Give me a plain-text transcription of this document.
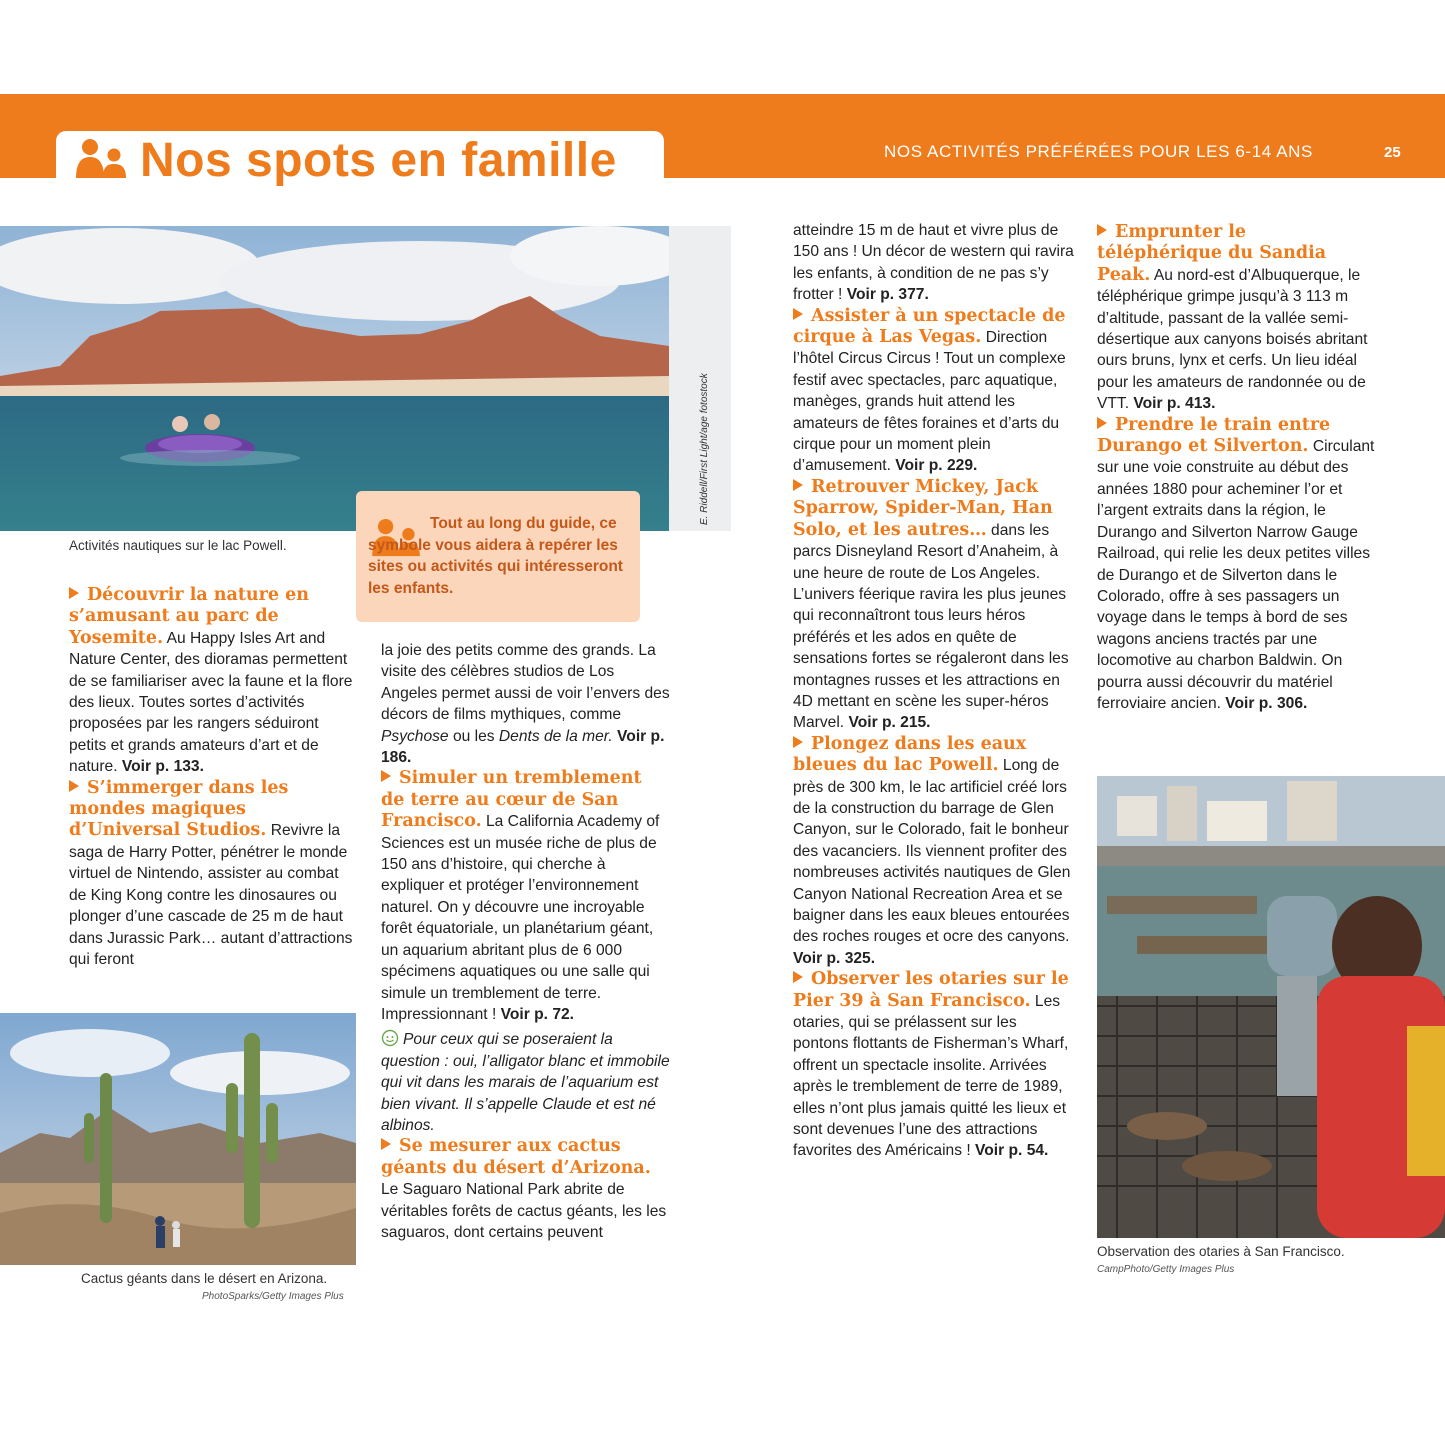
Nos spots en famille	NOS ACTIVITÉS PRÉFÉRÉES POUR LES 6-14 ANS	25
E. Riddell/First Light/age fotostock
Activités nautiques sur le lac Powell.
Tout au long du guide, ce symbole vous aidera à repérer les sites ou activités qui intéresseront les enfants.

Découvrir la nature en s’amusant au parc de Yosemite. Au Happy Isles Art and Nature Center, des dioramas permettent de se familiariser avec la faune et la flore des lieux. Toutes sortes d’activités proposées par les rangers séduiront petits et grands amateurs d’art et de nature. Voir p. 133.

S’immerger dans les mondes magiques d’Universal Studios. Revivre la saga de Harry Potter, pénétrer le monde virtuel de Nintendo, assister au combat de King Kong contre les dinosaures ou plonger d’une cascade de 25 m de haut dans Jurassic Park… autant d’attractions qui feront

Cactus géants dans le désert en Arizona.
PhotoSparks/Getty Images Plus

la joie des petits comme des grands. La visite des célèbres studios de Los Angeles permet aussi de voir l’envers des décors de films mythiques, comme Psychose ou les Dents de la mer. Voir p. 186.

Simuler un tremblement de terre au cœur de San Francisco. La California Academy of Sciences est un musée riche de plus de 150 ans d’histoire, qui cherche à expliquer et protéger l’environnement naturel. On y découvre une incroyable forêt équatoriale, un planétarium géant, un aquarium abritant plus de 6 000 spécimens aquatiques ou une salle qui simule un tremblement de terre. Impressionnant ! Voir p. 72.

Pour ceux qui se poseraient la question : oui, l’alligator blanc et immobile qui vit dans les marais de l’aquarium est bien vivant. Il s’appelle Claude et est né albinos.

Se mesurer aux cactus géants du désert d’Arizona. Le Saguaro National Park abrite de véritables forêts de cactus géants, les les saguaros, dont certains peuvent

atteindre 15 m de haut et vivre plus de 150 ans ! Un décor de western qui ravira les enfants, à condition de ne pas s’y frotter ! Voir p. 377.

Assister à un spectacle de cirque à Las Vegas. Direction l’hôtel Circus Circus ! Tout un complexe festif avec spectacles, parc aquatique, manèges, grands huit attend les amateurs de fêtes foraines et d’arts du cirque pour un moment plein d’amusement. Voir p. 229.

Retrouver Mickey, Jack Sparrow, Spider-Man, Han Solo, et les autres… dans les parcs Disneyland Resort d’Anaheim, à une heure de route de Los Angeles. L’univers féerique ravira les plus jeunes qui reconnaîtront tous leurs héros préférés et les ados en quête de sensations fortes se régaleront dans les montagnes russes et les attractions en 4D mettant en scène les super-héros Marvel. Voir p. 215.

Plongez dans les eaux bleues du lac Powell. Long de près de 300 km, le lac artificiel créé lors de la construction du barrage de Glen Canyon, sur le Colorado, fait le bonheur des vacanciers. Ils viennent profiter des nombreuses activités nautiques de Glen Canyon National Recreation Area et se baigner dans les eaux bleues entourées des roches rouges et ocre des canyons. Voir p. 325.

Observer les otaries sur le Pier 39 à San Francisco. Les otaries, qui se prélassent sur les pontons flottants de Fisherman’s Wharf, offrent un spectacle insolite. Arrivées après le tremblement de terre de 1989, elles n’ont plus jamais quitté les lieux et sont devenues l’une des attractions favorites des Américains ! Voir p. 54.

Emprunter le téléphérique du Sandia Peak. Au nord-est d’Albuquerque, le téléphérique grimpe jusqu’à 3 113 m d’altitude, passant de la vallée semi-désertique aux canyons boisés abritant ours bruns, lynx et cerfs. Un lieu idéal pour les amateurs de randonnée ou de VTT. Voir p. 413.

Prendre le train entre Durango et Silverton. Circulant sur une voie construite au début des années 1880 pour acheminer l’or et l’argent extraits dans la région, le Durango and Silverton Narrow Gauge Railroad, qui relie les deux petites villes de Durango et de Silverton dans le Colorado, offre à ses passagers un voyage dans le temps à bord de ses wagons anciens tractés par une locomotive au charbon Baldwin. On pourra aussi découvrir du matériel ferroviaire ancien. Voir p. 306.

Observation des otaries à San Francisco.
CampPhoto/Getty Images Plus
